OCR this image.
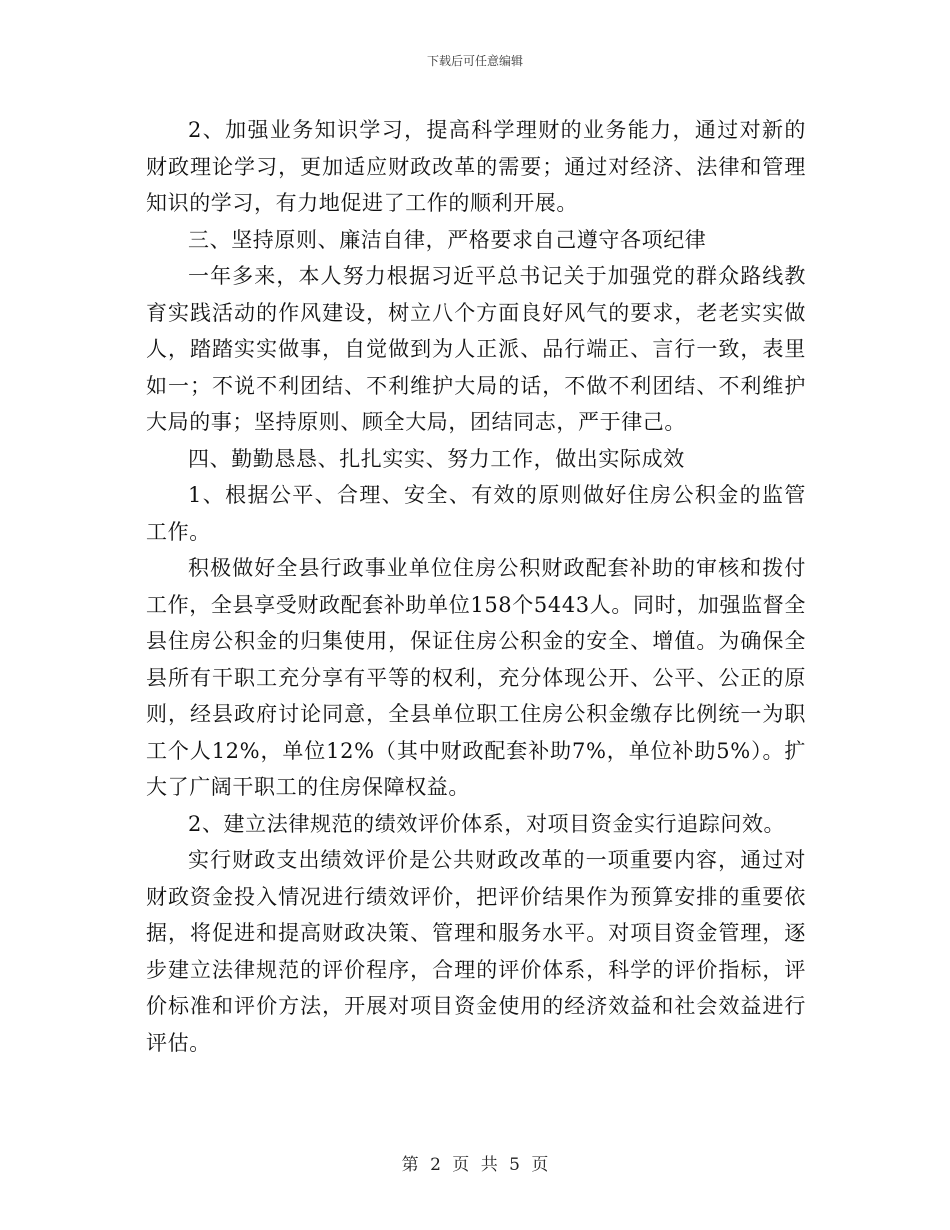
下载后可任意编辑

2、加强业务知识学习，提高科学理财的业务能力，通过对新的财政理论学习，更加适应财政改革的需要；通过对经济、法律和管理知识的学习，有力地促进了工作的顺利开展。

三、坚持原则、廉洁自律，严格要求自己遵守各项纪律

一年多来，本人努力根据习近平总书记关于加强党的群众路线教育实践活动的作风建设，树立八个方面良好风气的要求，老老实实做人，踏踏实实做事，自觉做到为人正派、品行端正、言行一致，表里如一；不说不利团结、不利维护大局的话，不做不利团结、不利维护大局的事；坚持原则、顾全大局，团结同志，严于律己。

四、勤勤恳恳、扎扎实实、努力工作，做出实际成效

1、根据公平、合理、安全、有效的原则做好住房公积金的监管工作。

积极做好全县行政事业单位住房公积财政配套补助的审核和拨付工作，全县享受财政配套补助单位158个5443人。同时，加强监督全县住房公积金的归集使用，保证住房公积金的安全、增值。为确保全县所有干职工充分享有平等的权利，充分体现公开、公平、公正的原则，经县政府讨论同意，全县单位职工住房公积金缴存比例统一为职工个人12%，单位12%（其中财政配套补助7%，单位补助5%）。扩大了广阔干职工的住房保障权益。

2、建立法律规范的绩效评价体系，对项目资金实行追踪问效。

实行财政支出绩效评价是公共财政改革的一项重要内容，通过对财政资金投入情况进行绩效评价，把评价结果作为预算安排的重要依据，将促进和提高财政决策、管理和服务水平。对项目资金管理，逐步建立法律规范的评价程序，合理的评价体系，科学的评价指标，评价标准和评价方法，开展对项目资金使用的经济效益和社会效益进行评估。

第 2 页 共 5 页
